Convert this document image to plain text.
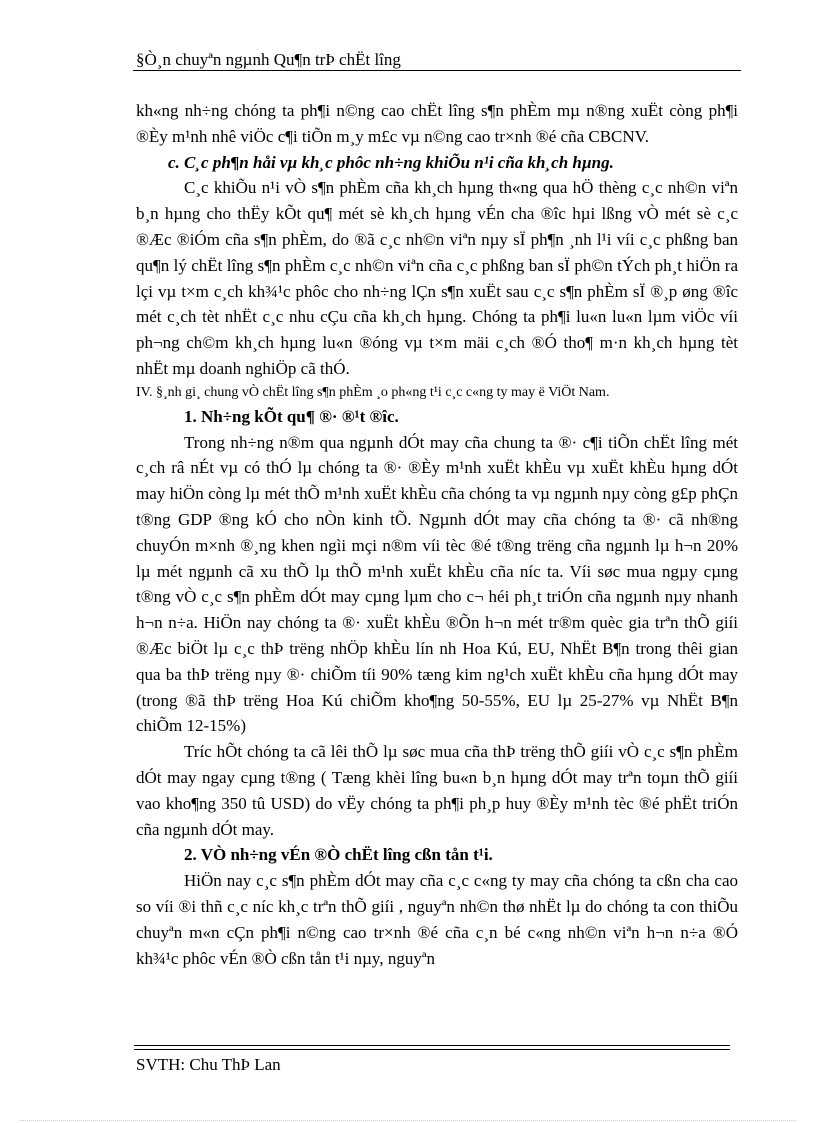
§Ò¸n chuyªn ngµnh Qu¶n trÞ chËt lîng

kh«ng nh÷ng chóng ta ph¶i n©ng cao chËt lîng s¶n phÈm mµ n®ng xuËt còng ph¶i ®Èy m¹nh nhê viÖc c¶i tiÕn m¸y m£c vµ n©ng cao tr×nh ®é cña CBCNV.

c. C¸c ph¶n håi vµ kh¸c phôc nh÷ng khiÕu n¹i cña kh¸ch hµng.

C¸c khiÕu n¹i vÒ s¶n phÈm cña kh¸ch hµng th«ng qua hÖ thèng c¸c nh©n viªn b¸n hµng cho thËy kÕt qu¶ mét sè kh¸ch hµng vÉn cha ®îc hµi lßng vÒ mét sè c¸c ®Æc ®iÓm cña s¶n phÈm, do ®ã c¸c nh©n viªn nµy sÏ ph¶n ¸nh l¹i víi c¸c phßng ban qu¶n lý chËt lîng s¶n phÈm c¸c nh©n viªn cña c¸c phßng ban sÏ ph©n tÝch ph¸t hiÖn ra lçi vµ t×m c¸ch kh¾¹c phôc cho nh÷ng lÇn s¶n xuËt sau c¸c s¶n phÈm sÏ ®¸p øng ®îc mét c¸ch tèt nhËt c¸c nhu cÇu cña kh¸ch hµng. Chóng ta ph¶i lu«n lu«n lµm viÖc víi ph¬ng ch©m kh¸ch hµng lu«n ®óng vµ t×m mäi c¸ch ®Ó tho¶ m·n kh¸ch hµng tèt nhËt mµ doanh nghiÖp cã thÓ.

IV. §¸nh gi¸ chung vÒ chËt lîng s¶n phÈm ¸o ph«ng t¹i c¸c c«ng ty may ë ViÖt Nam.

1. Nh÷ng kÕt qu¶ ®· ®¹t ®îc.

Trong nh÷ng n®m qua ngµnh dÓt may cña chung ta ®· c¶i tiÕn chËt lîng mét c¸ch râ nÉt vµ có thÓ lµ chóng ta ®· ®Èy m¹nh xuËt khÈu vµ xuËt khÈu hµng dÓt may hiÖn còng lµ mét thÕ m¹nh xuËt khÈu cña chóng ta vµ ngµnh nµy còng g£p phÇn t®ng GDP ®ng kÓ cho nÒn kinh tÕ. Ngµnh dÓt may cña chóng ta ®· cã nh®ng chuyÓn m×nh ®¸ng khen ngìi mçi n®m víi tèc ®é t®ng trëng cña ngµnh lµ h¬n 20% lµ mét ngµnh cã xu thÕ lµ thÕ m¹nh xuËt khÈu cña níc ta. Víi søc mua ngµy cµng t®ng vÒ c¸c s¶n phÈm dÓt may cµng lµm cho c¬ héi ph¸t triÓn cña ngµnh nµy nhanh h¬n n÷a. HiÖn nay chóng ta ®· xuËt khÈu ®Õn h¬n mét tr®m quèc gia trªn thÕ giíi ®Æc biÖt lµ c¸c thÞ trëng nhÖp khÈu lín nh Hoa Kú, EU, NhËt B¶n trong thêi gian qua ba thÞ trëng nµy ®· chiÕm tíi 90% tæng kim ng¹ch xuËt khÈu cña hµng dÓt may (trong ®ã thÞ trëng Hoa Kú chiÕm kho¶ng 50-55%, EU lµ 25-27% vµ NhËt B¶n chiÕm 12-15%)

Tríc hÕt chóng ta cã lêi thÕ lµ søc mua cña thÞ trëng thÕ giíi vÒ c¸c s¶n phÈm dÓt may ngay cµng t®ng ( Tæng khèi lîng bu«n b¸n hµng dÓt may trªn toµn thÕ giíi vao kho¶ng 350 tû USD) do vËy chóng ta ph¶i ph¸p huy ®Èy m¹nh tèc ®é phËt triÓn cña ngµnh dÓt may.

2. VÒ nh÷ng vÉn ®Ò chËt lîng cßn tån t¹i.

HiÖn nay c¸c s¶n phÈm dÓt may cña c¸c c«ng ty may cña chóng ta cßn cha cao so víi ®i thñ c¸c níc kh¸c trªn thÕ giíi , nguyªn nh©n thø nhËt lµ do chóng ta con thiÕu chuyªn m«n cÇn ph¶i n©ng cao tr×nh ®é cña c¸n bé c«ng nh©n viªn h¬n n÷a ®Ó kh¾¹c phôc vÉn ®Ò cßn tån t¹i nµy, nguyªn

SVTH: Chu ThÞ Lan
